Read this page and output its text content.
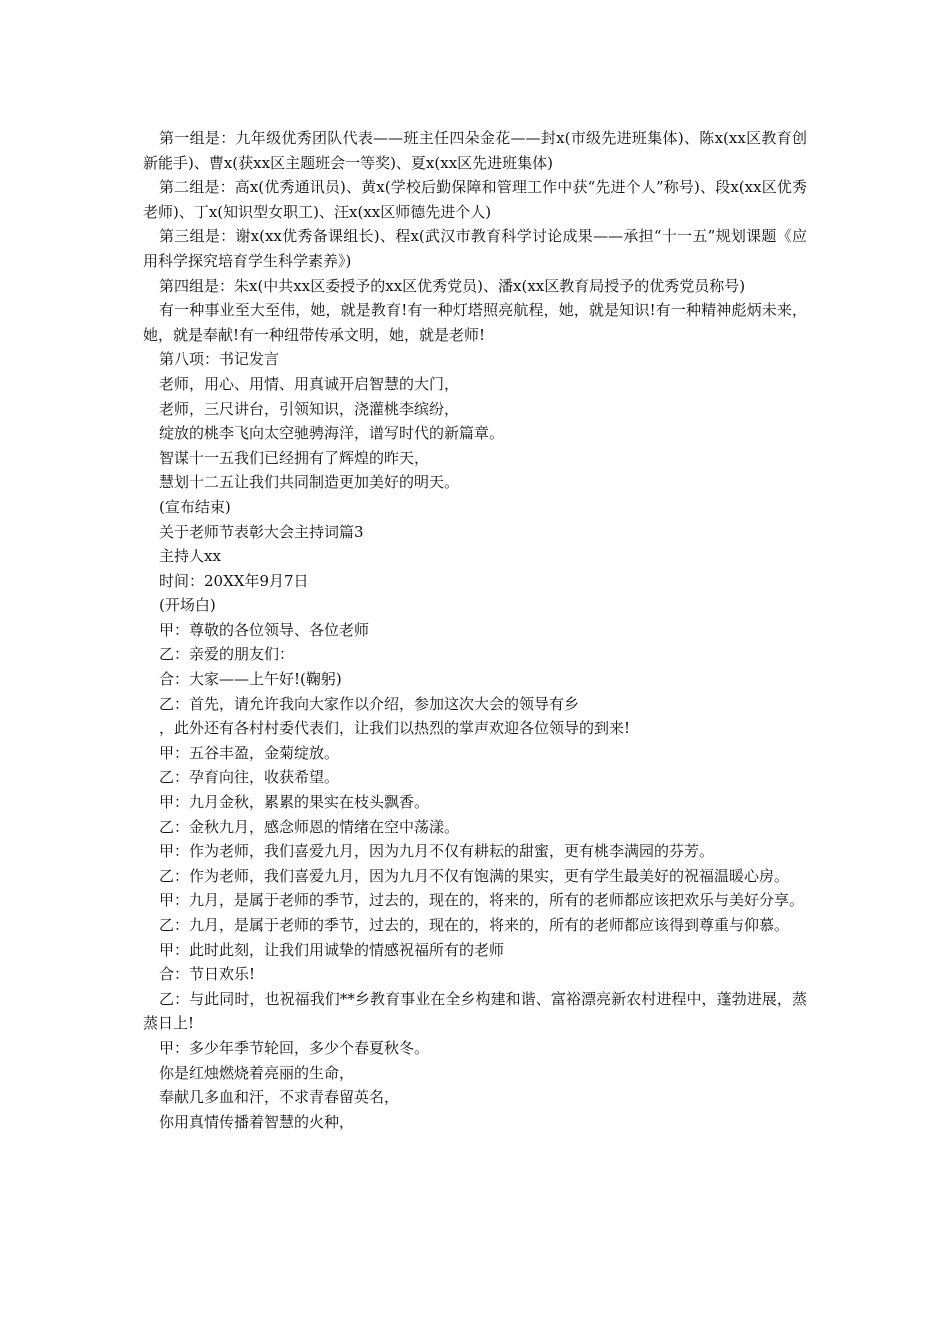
第一组是：九年级优秀团队代表——班主任四朵金花——封x(市级先进班集体)、陈x(xx区教育创新能手)、曹x(获xx区主题班会一等奖)、夏x(xx区先进班集体)

第二组是：高x(优秀通讯员)、黄x(学校后勤保障和管理工作中获“先进个人”称号)、段x(xx区优秀老师)、丁x(知识型女职工)、汪x(xx区师德先进个人)

第三组是：谢x(xx优秀备课组长)、程x(武汉市教育科学讨论成果——承担“十一五”规划课题《应用科学探究培育学生科学素养》)

第四组是：朱x(中共xx区委授予的xx区优秀党员)、潘x(xx区教育局授予的优秀党员称号)

有一种事业至大至伟，她，就是教育!有一种灯塔照亮航程，她，就是知识!有一种精神彪炳未来，她，就是奉献!有一种纽带传承文明，她，就是老师!

第八项：书记发言

老师，用心、用情、用真诚开启智慧的大门，

老师，三尺讲台，引领知识，浇灌桃李缤纷，

绽放的桃李飞向太空驰骋海洋，谱写时代的新篇章。

智谋十一五我们已经拥有了辉煌的昨天，

慧划十二五让我们共同制造更加美好的明天。

(宣布结束)

关于老师节表彰大会主持词篇3

主持人xx

时间：20XX年9月7日

(开场白)

甲：尊敬的各位领导、各位老师

乙：亲爱的朋友们：

合：大家——上午好!(鞠躬)

乙：首先，请允许我向大家作以介绍，参加这次大会的领导有乡

，此外还有各村村委代表们，让我们以热烈的掌声欢迎各位领导的到来!

甲：五谷丰盈，金菊绽放。

乙：孕育向往，收获希望。

甲：九月金秋，累累的果实在枝头飘香。

乙：金秋九月，感念师恩的情绪在空中荡漾。

甲：作为老师，我们喜爱九月，因为九月不仅有耕耘的甜蜜，更有桃李满园的芬芳。

乙：作为老师，我们喜爱九月，因为九月不仅有饱满的果实，更有学生最美好的祝福温暖心房。

甲：九月，是属于老师的季节，过去的，现在的，将来的，所有的老师都应该把欢乐与美好分享。

乙：九月，是属于老师的季节，过去的，现在的，将来的，所有的老师都应该得到尊重与仰慕。

甲：此时此刻，让我们用诚挚的情感祝福所有的老师

合：节日欢乐!

乙：与此同时，也祝福我们**乡教育事业在全乡构建和谐、富裕漂亮新农村进程中，蓬勃进展，蒸蒸日上!

甲：多少年季节轮回，多少个春夏秋冬。

你是红烛燃烧着亮丽的生命，

奉献几多血和汗，不求青春留英名，

你用真情传播着智慧的火种，
